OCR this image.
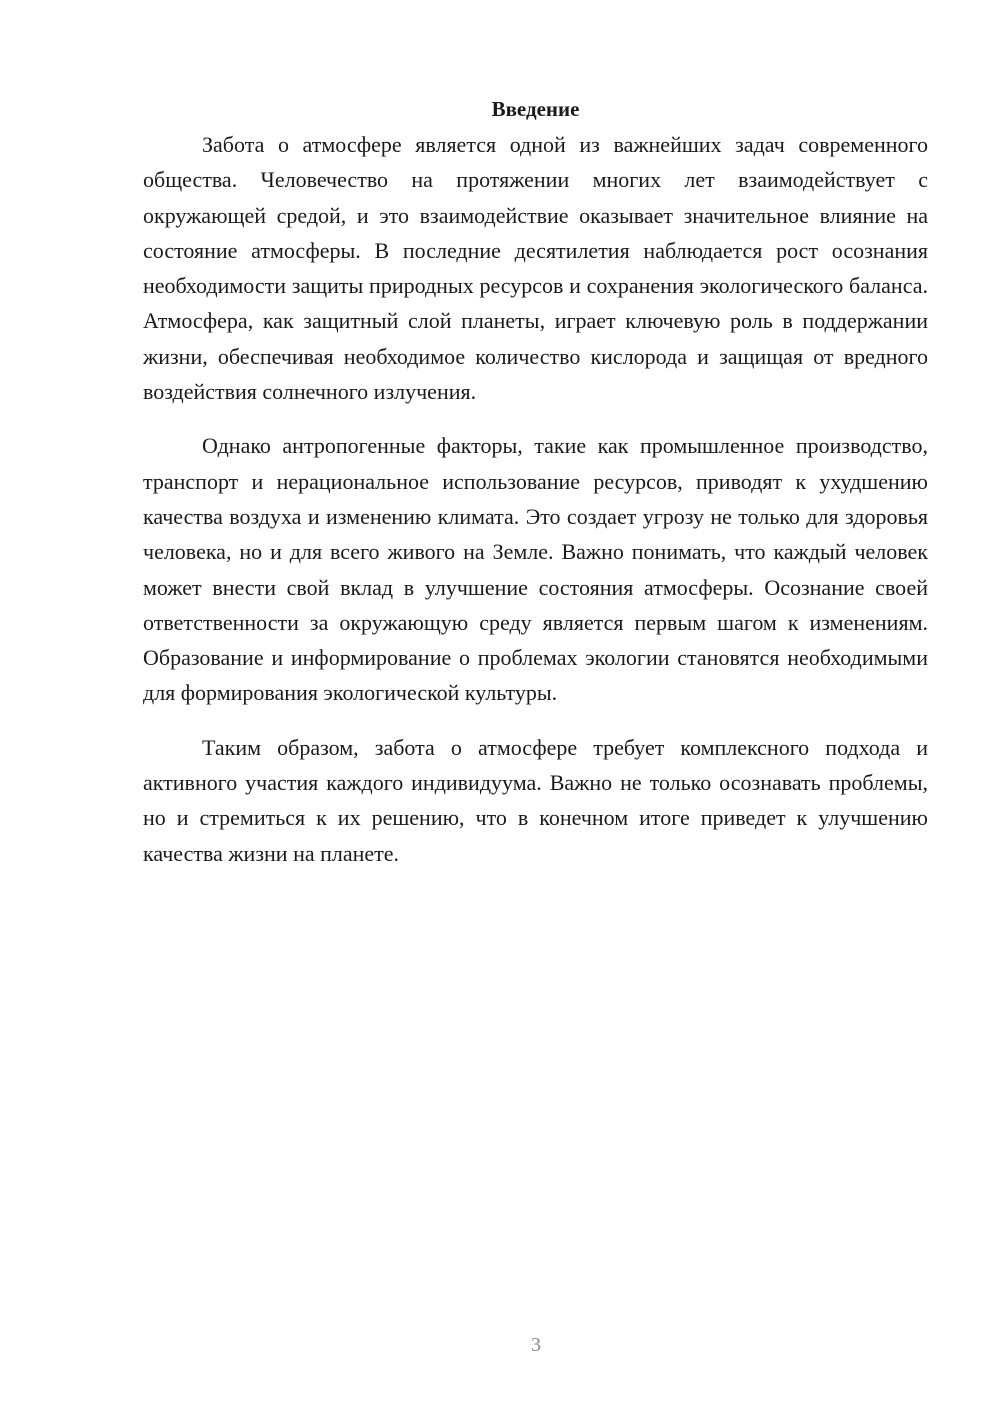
Введение

Забота о атмосфере является одной из важнейших задач современного общества. Человечество на протяжении многих лет взаимодействует с окружающей средой, и это взаимодействие оказывает значительное влияние на состояние атмосферы. В последние десятилетия наблюдается рост осознания необходимости защиты природных ресурсов и сохранения экологического баланса. Атмосфера, как защитный слой планеты, играет ключевую роль в поддержании жизни, обеспечивая необходимое количество кислорода и защищая от вредного воздействия солнечного излучения.

Однако антропогенные факторы, такие как промышленное производство, транспорт и нерациональное использование ресурсов, приводят к ухудшению качества воздуха и изменению климата. Это создает угрозу не только для здоровья человека, но и для всего живого на Земле. Важно понимать, что каждый человек может внести свой вклад в улучшение состояния атмосферы. Осознание своей ответственности за окружающую среду является первым шагом к изменениям. Образование и информирование о проблемах экологии становятся необходимыми для формирования экологической культуры.

Таким образом, забота о атмосфере требует комплексного подхода и активного участия каждого индивидуума. Важно не только осознавать проблемы, но и стремиться к их решению, что в конечном итоге приведет к улучшению качества жизни на планете.

3
